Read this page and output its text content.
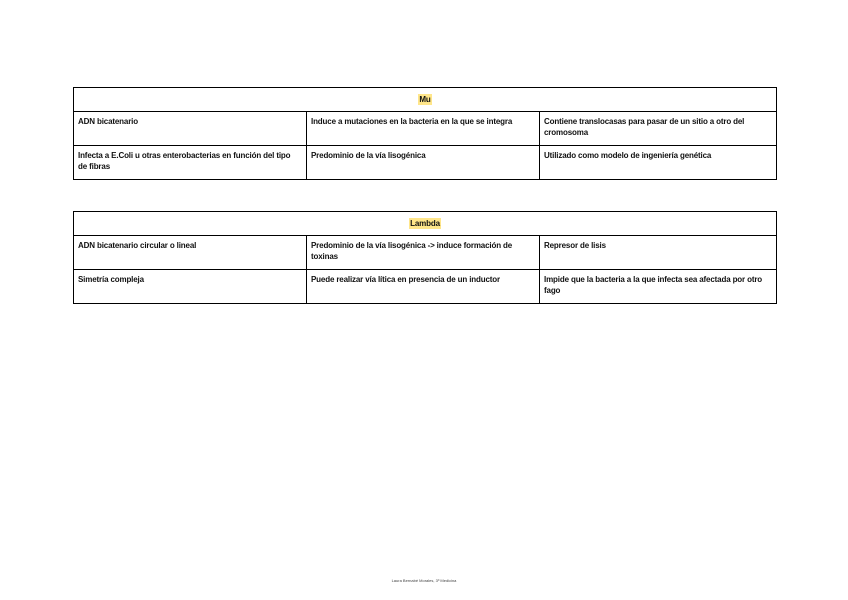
Mu		
ADN bicatenario	Induce a mutaciones en la bacteria en la que se integra	Contiene translocasas para pasar de un sitio a otro del cromosoma
Infecta a E.Coli u otras enterobacterias en función del tipo de fibras	Predominio de la vía lisogénica	Utilizado como modelo de ingeniería genética
Lambda		
ADN bicatenario circular o lineal	Predominio de la vía lisogénica -> induce formación de toxinas	Represor de lisis
Simetría compleja	Puede realizar vía lítica en presencia de un inductor	Impide que la bacteria a la que infecta sea afectada por otro fago
Laura Bernabé Morales, 3º Medicina
